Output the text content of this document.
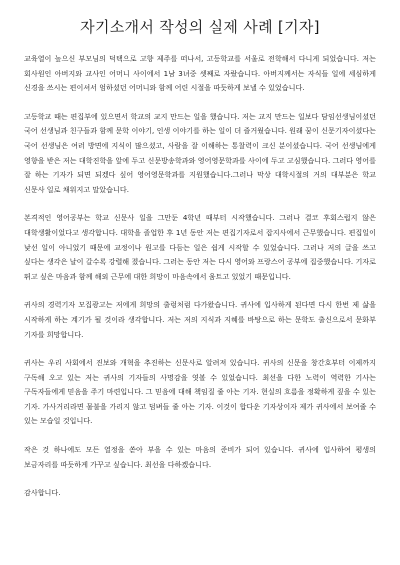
자기소개서 작성의 실제 사례 [기자]

교육열이 높으신 부모님의 덕택으로 고향 제주를 떠나서, 고등학교를 서울로 전학해서 다니게 되었습니다. 저는 회사원인 아버지와 교사인 어머니 사이에서 1남 3녀중 셋째로 자랐습니다. 아버지께서는 자식들 일에 세심하게 신경을 쓰시는 편이셔서 엄하셨던 어머니와 함께 어린 시절을 따듯하게 보낼 수 있었습니다.

고등학교 때는 편집부에 있으면서 학교의 교지 만드는 일을 했습니다. 저는 교지 만드는 일보다 담임선생님이셨던 국어 선생님과 친구들과 함께 문학 이야기, 인생 이야기를 하는 일이 더 즐거웠습니다. 원래 꿈이 신문기자이셨다는 국어 선생님은 여러 방면에 지식이 많으셨고, 사람을 잘 이해하는 통찰력이 크신 분이셨습니다. 국어 선생님에게 영향을 받은 저는 대학진학을 앞에 두고 신문방송학과와 영어영문학과를 사이에 두고 고심했습니다. 그러다 영어를 잘 하는 기자가 되면 되겠다 싶어 영어영문학과를 지원했습니다.그러나 막상 대학시절의 거의 대부분은 학교 신문사 일로 채워지고 말았습니다.

본격적인 영어공부는 학교 신문사 일을 그만둔 4학년 때부터 시작했습니다. 그러나 결코 후회스럽지 않은 대학생활이었다고 생각합니다. 대학을 졸업한 후 1년 동안 저는 편집기자로서 잡지사에서 근무했습니다. 편집일이 낯선 일이 아니었기 때문에 교정이나 원고를 다듬는 일은 쉽게 시작할 수 있었습니다. 그러나 저의 글을 쓰고 싶다는 생각은 날이 갈수록 강렬해 졌습니다. 그러는 동안 저는 다시 영어와 프랑스어 공부에 집중했습니다. 기자로 뛰고 싶은 마음과 함께 해외 근무에 대한 희망이 마음속에서 움트고 있었기 때문입니다.

귀사의 경력기자 모집광고는 저에게 희망의 출렁처럼 다가왔습니다. 귀사에 입사하게 된다면 다시 한번 제 삶을 시작하게 하는 계기가 될 것이라 생각합니다. 저는 저의 지식과 지혜를 바탕으로 하는 문학도 출신으로서 문화부 기자를 희망합니다.

귀사는 우리 사회에서 진보와 개혁을 추진하는 신문사로 알려져 있습니다. 귀사의 신문을 창간호부터 이제까지 구독해 오고 있는 저는 귀사의 기자들의 사명감을 엿볼 수 있었습니다. 최선을 다한 노력이 역력한 기사는 구독자들에게 믿음을 주기 마련입니다. 그 믿음에 대해 책임질 줄 아는 기자. 현실의 흐름을 정확하게 짚을 수 있는 기자. 가사거리라면 물불을 가리지 않고 덤벼들 줄 아는 기자. 이것이 합다운 기자상이자 제가 귀사에서 보여줄 수 있는 모습일 것입니다.

작은 것 하나에도 모든 열정을 쏟아 부을 수 있는 마음의 준비가 되어 있습니다. 귀사에 입사하여 평생의 보금자리를 따듯하게 가꾸고 싶습니다. 최선을 다하겠습니다.

감사합니다.
